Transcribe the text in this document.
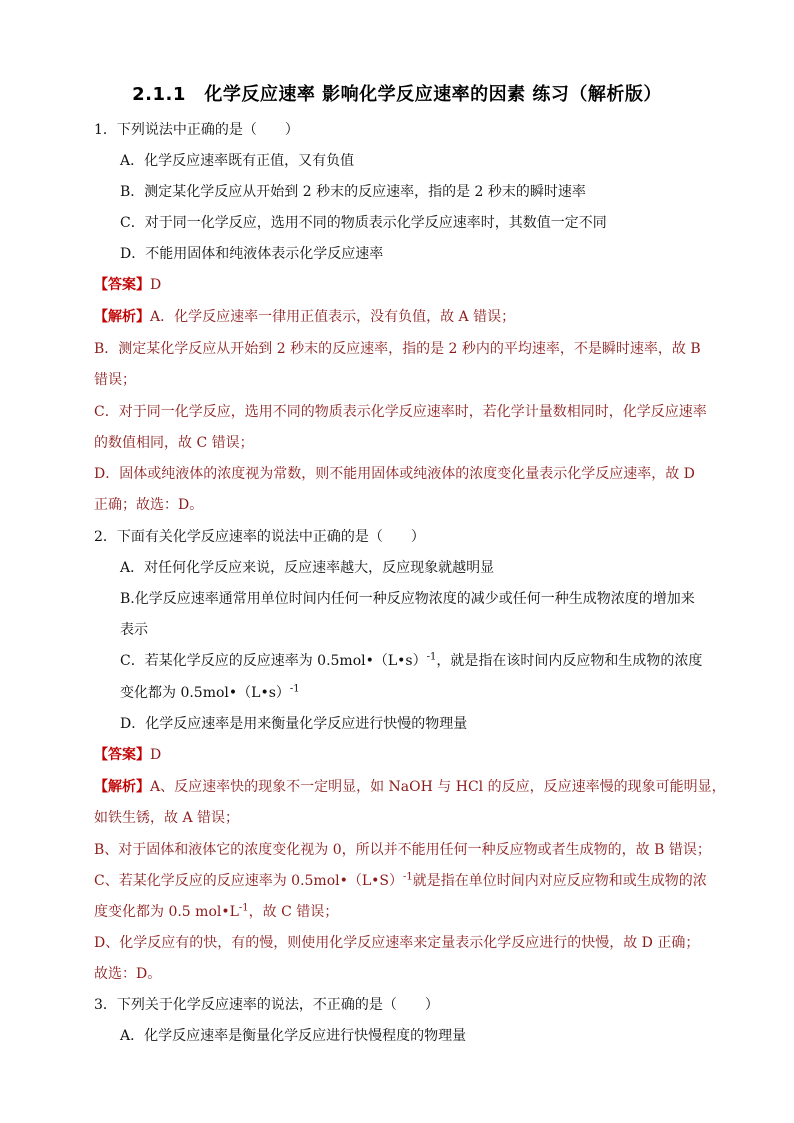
2.1.1　化学反应速率 影响化学反应速率的因素 练习（解析版）
1．下列说法中正确的是（　　）
A．化学反应速率既有正值，又有负值
B．测定某化学反应从开始到 2 秒末的反应速率，指的是 2 秒末的瞬时速率
C．对于同一化学反应，选用不同的物质表示化学反应速率时，其数值一定不同
D．不能用固体和纯液体表示化学反应速率
【答案】D
【解析】A．化学反应速率一律用正值表示，没有负值，故 A 错误；
B．测定某化学反应从开始到 2 秒末的反应速率，指的是 2 秒内的平均速率，不是瞬时速率，故 B
错误；
C．对于同一化学反应，选用不同的物质表示化学反应速率时，若化学计量数相同时，化学反应速率
的数值相同，故 C 错误；
D．固体或纯液体的浓度视为常数，则不能用固体或纯液体的浓度变化量表示化学反应速率，故 D
正确；故选：D。
2．下面有关化学反应速率的说法中正确的是（　　）
A．对任何化学反应来说，反应速率越大，反应现象就越明显
B.化学反应速率通常用单位时间内任何一种反应物浓度的减少或任何一种生成物浓度的增加来
表示
C．若某化学反应的反应速率为 0.5mol•（L•s）$^{-1}$，就是指在该时间内反应物和生成物的浓度
变化都为 0.5mol•（L•s）$^{-1}$
D．化学反应速率是用来衡量化学反应进行快慢的物理量
【答案】D
【解析】A、反应速率快的现象不一定明显，如 NaOH 与 HCl 的反应，反应速率慢的现象可能明显，
如铁生锈，故 A 错误；
B、对于固体和液体它的浓度变化视为 0，所以并不能用任何一种反应物或者生成物的，故 B 错误；
C、若某化学反应的反应速率为 0.5mol•（L•S）$^{-1}$就是指在单位时间内对应反应物和或生成物的浓
度变化都为 0.5 $mol•L^{-1}$，故 C 错误；
D、化学反应有的快，有的慢，则使用化学反应速率来定量表示化学反应进行的快慢，故 D 正确；
故选：D。
3．下列关于化学反应速率的说法，不正确的是（　　）
A．化学反应速率是衡量化学反应进行快慢程度的物理量
